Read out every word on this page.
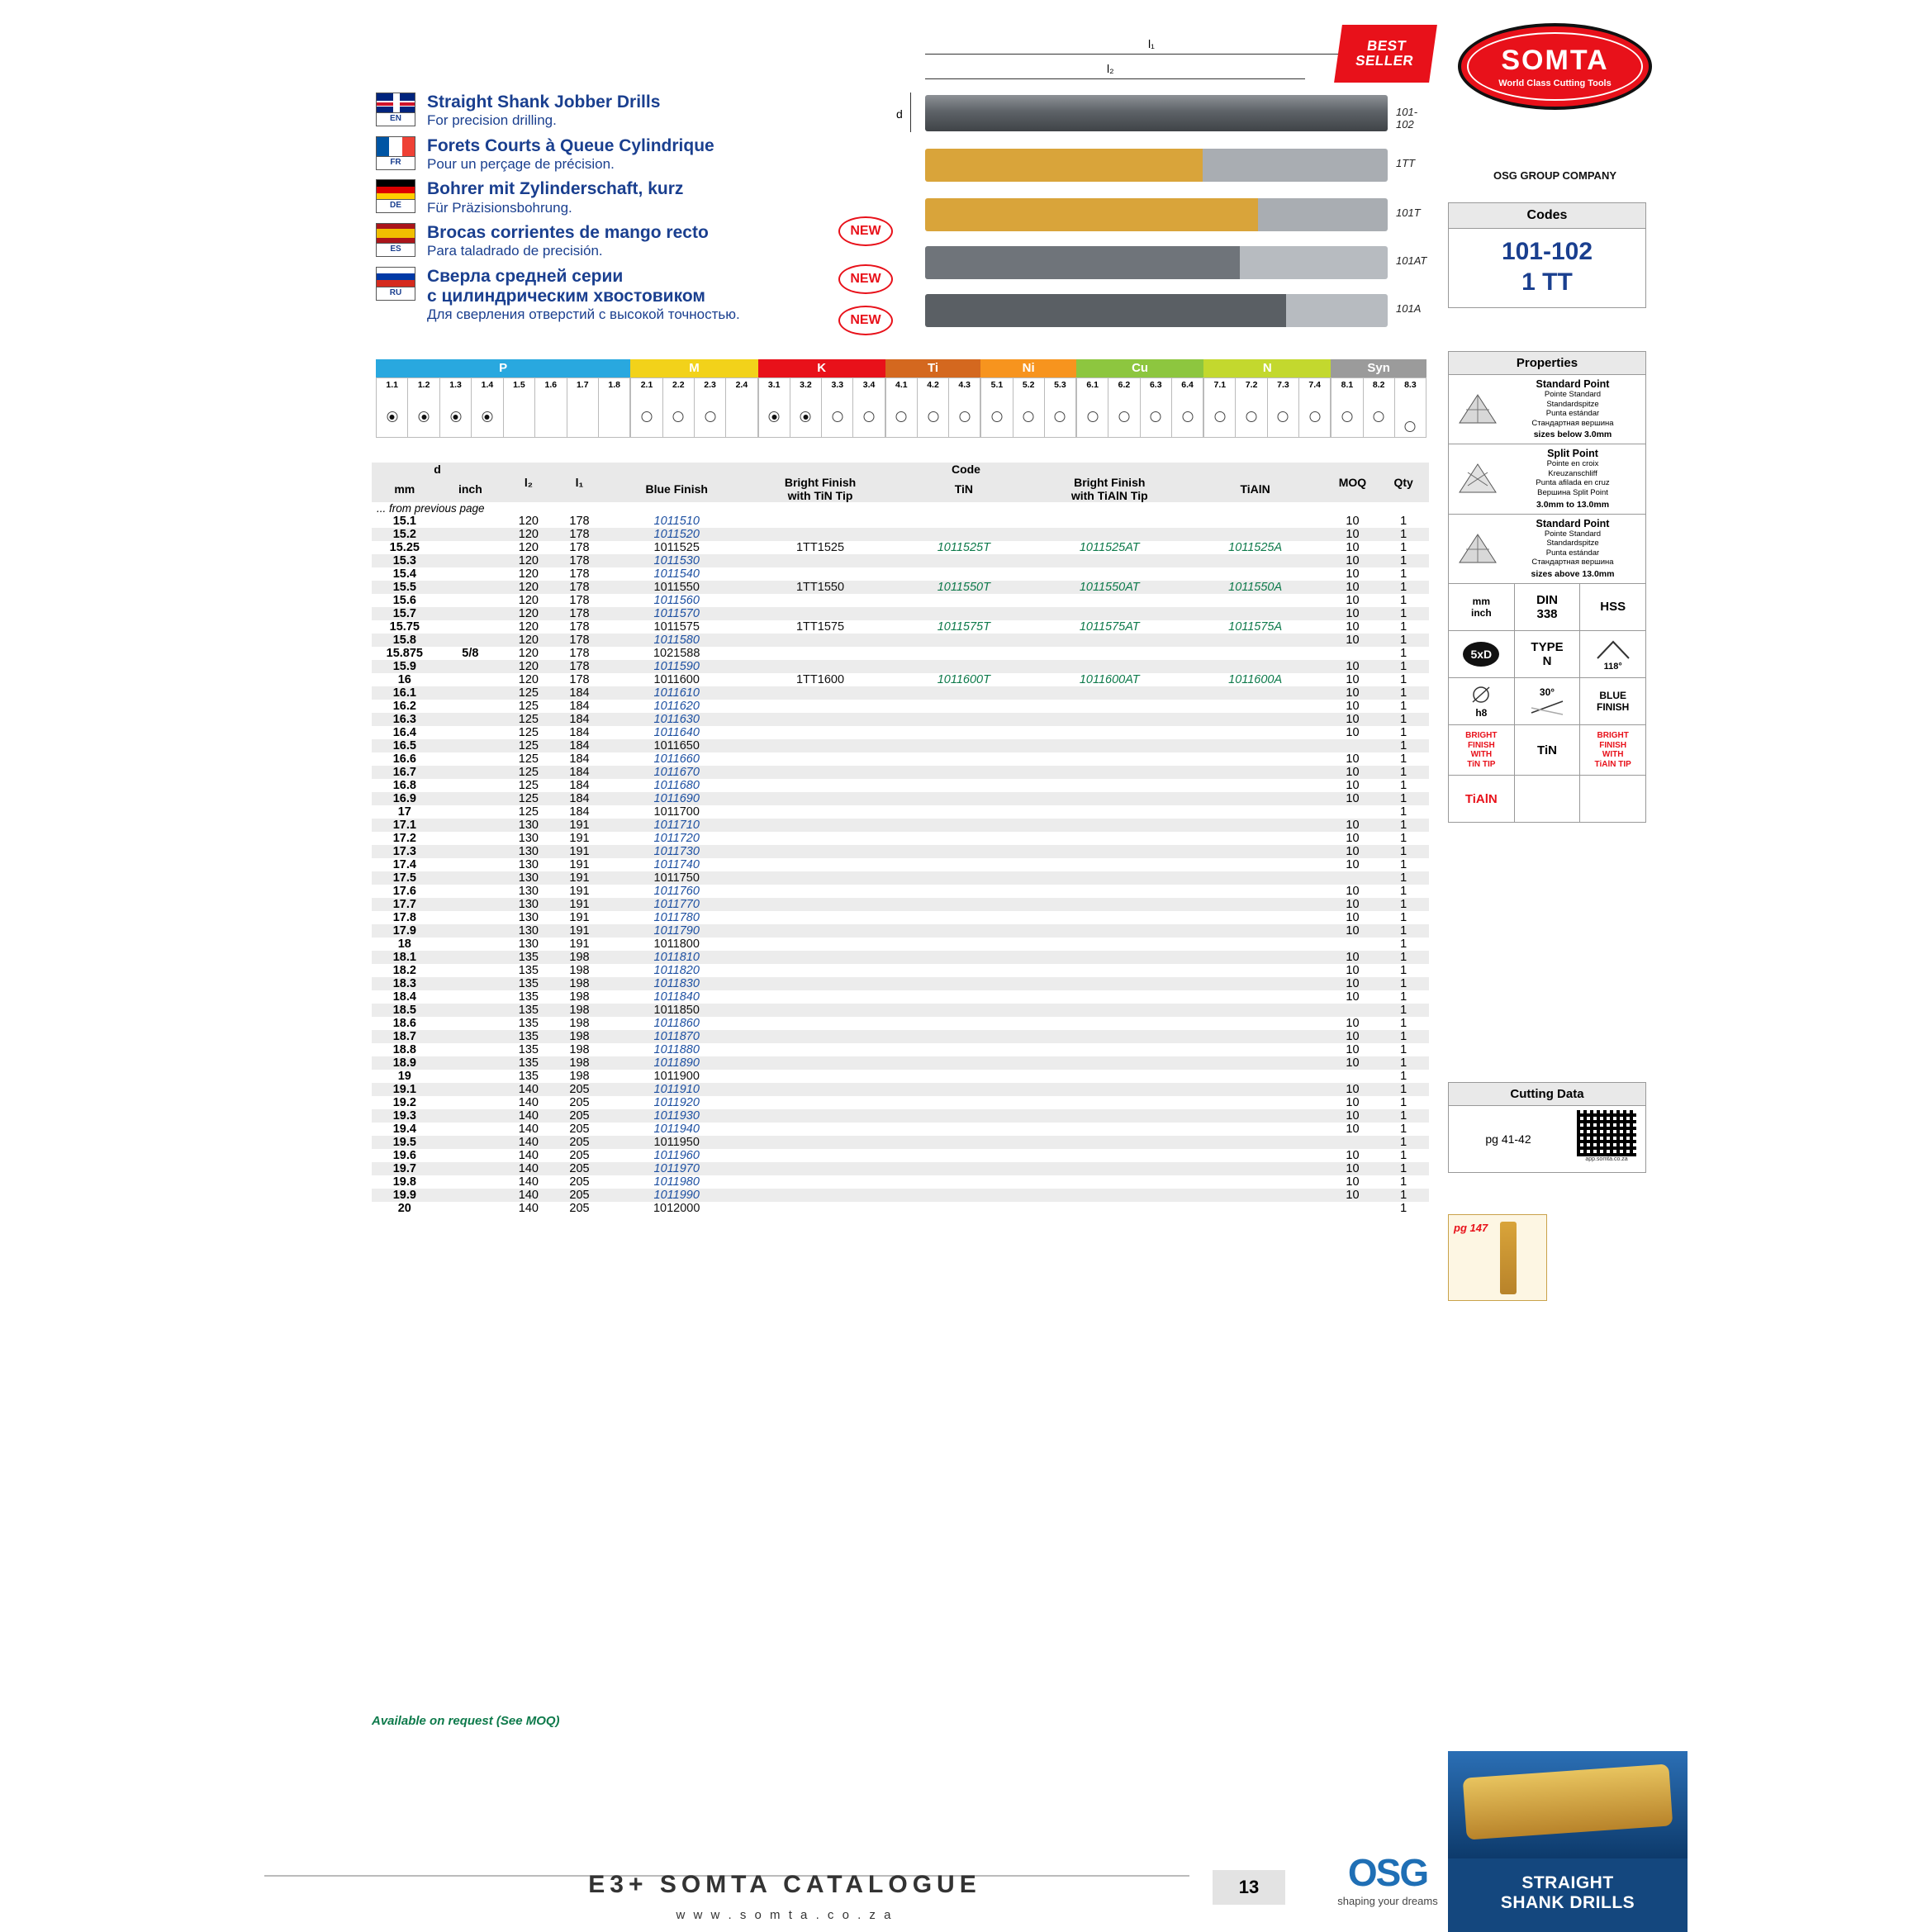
EN
Straight Shank Jobber Drills
For precision drilling.
FR
Forets Courts à Queue Cylindrique
Pour un perçage de précision.
DE
Bohrer mit Zylinderschaft, kurz
Für Präzisionsbohrung.
ES
Brocas corrientes de mango recto
Para taladrado de precisión.
RU
Сверла средней серии
с цилиндрическим хвостовиком
Для сверления отверстий с высокой точностью.
l₁
l₂
d	101-102
1TT
101T
101AT
101A
NEW
NEW
NEW
BEST
SELLER	SOMTA
World Class Cutting Tools
OSG GROUP COMPANY
Codes
101-102
1 TT
Properties
Standard Point
Pointe Standard
Standardspitze
Punta estándar
Стандартная вершина
sizes below 3.0mm
Split Point
Pointe en croix
Kreuzanschliff
Punta afilada en cruz
Вершина Split Point
3.0mm to 13.0mm
Standard Point
Pointe Standard
Standardspitze
Punta estándar
Стандартная вершина
sizes above 13.0mm
mm
inch
DIN
338
HSS
5xD
TYPE
N	118°
h8
30°	BLUE
FINISH
BRIGHT
FINISH
WITH
TiN TIP
TiN
BRIGHT
FINISH
WITH
TiAlN TIP
TiAlN
Cutting Data
pg 41-42
app.somta.co.za
pg 147
P
1.1	1.2	1.3	1.4	1.5	1.6	1.7	1.8
M
2.1	2.2	2.3	2.4
K
3.1	3.2	3.3	3.4
Ti
4.1	4.2	4.3
Ni
5.1	5.2	5.3
Cu
6.1	6.2	6.3	6.4
N
7.1	7.2	7.3	7.4
Syn
8.1	8.2	8.3
d		l₂	l₁	Code					MOQ	Qty
mm	inch			Blue Finish	Bright Finish
with TiN Tip	TiN	Bright Finish
with TiAlN Tip	TiAlN		
... from previous page										
15.1		120	178	1011510					10	1
15.2		120	178	1011520					10	1
15.25		120	178	1011525	1TT1525	1011525T	1011525AT	1011525A	10	1
15.3		120	178	1011530					10	1
15.4		120	178	1011540					10	1
15.5		120	178	1011550	1TT1550	1011550T	1011550AT	1011550A	10	1
15.6		120	178	1011560					10	1
15.7		120	178	1011570					10	1
15.75		120	178	1011575	1TT1575	1011575T	1011575AT	1011575A	10	1
15.8		120	178	1011580					10	1
15.875	5/8	120	178	1021588						1
15.9		120	178	1011590					10	1
16		120	178	1011600	1TT1600	1011600T	1011600AT	1011600A	10	1
16.1		125	184	1011610					10	1
16.2		125	184	1011620					10	1
16.3		125	184	1011630					10	1
16.4		125	184	1011640					10	1
16.5		125	184	1011650						1
16.6		125	184	1011660					10	1
16.7		125	184	1011670					10	1
16.8		125	184	1011680					10	1
16.9		125	184	1011690					10	1
17		125	184	1011700						1
17.1		130	191	1011710					10	1
17.2		130	191	1011720					10	1
17.3		130	191	1011730					10	1
17.4		130	191	1011740					10	1
17.5		130	191	1011750						1
17.6		130	191	1011760					10	1
17.7		130	191	1011770					10	1
17.8		130	191	1011780					10	1
17.9		130	191	1011790					10	1
18		130	191	1011800						1
18.1		135	198	1011810					10	1
18.2		135	198	1011820					10	1
18.3		135	198	1011830					10	1
18.4		135	198	1011840					10	1
18.5		135	198	1011850						1
18.6		135	198	1011860					10	1
18.7		135	198	1011870					10	1
18.8		135	198	1011880					10	1
18.9		135	198	1011890					10	1
19		135	198	1011900						1
19.1		140	205	1011910					10	1
19.2		140	205	1011920					10	1
19.3		140	205	1011930					10	1
19.4		140	205	1011940					10	1
19.5		140	205	1011950						1
19.6		140	205	1011960					10	1
19.7		140	205	1011970					10	1
19.8		140	205	1011980					10	1
19.9		140	205	1011990					10	1
20		140	205	1012000						1
Available on request (See MOQ)
E3+ SOMTA CATALOGUE
w w w . s o m t a . c o . z a
13	OSG
shaping your dreams
STRAIGHT
SHANK DRILLS
